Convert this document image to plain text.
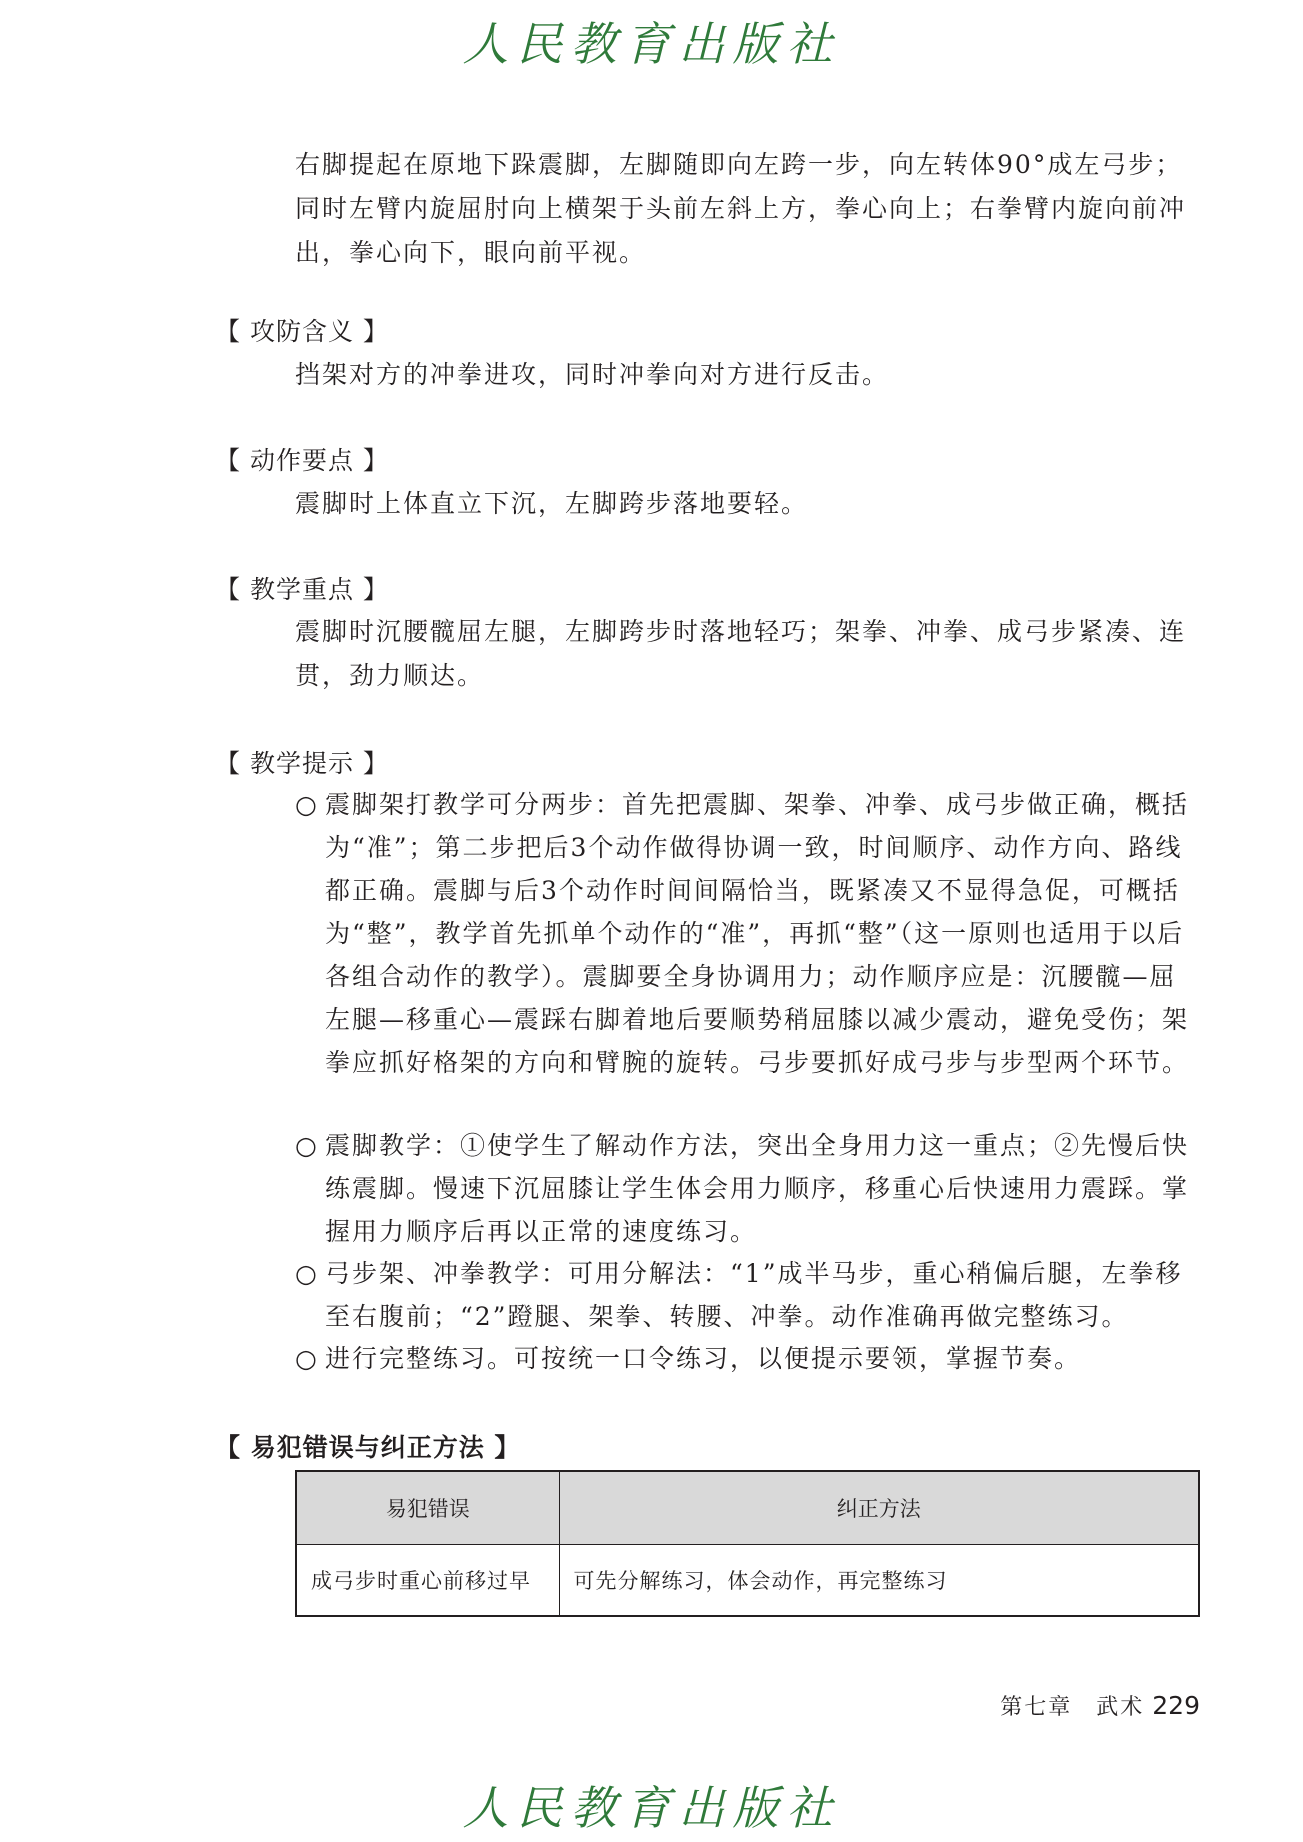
人民教育出版社
右脚提起在原地下跺震脚，左脚随即向左跨一步，向左转体90°成左弓步；同时左臂内旋屈肘向上横架于头前左斜上方，拳心向上；右拳臂内旋向前冲出，拳心向下，眼向前平视。
【 攻防含义 】
挡架对方的冲拳进攻，同时冲拳向对方进行反击。
【 动作要点 】
震脚时上体直立下沉，左脚跨步落地要轻。
【 教学重点 】
震脚时沉腰髋屈左腿，左脚跨步时落地轻巧；架拳、冲拳、成弓步紧凑、连贯，劲力顺达。
【 教学提示 】
○ 震脚架打教学可分两步：首先把震脚、架拳、冲拳、成弓步做正确，概括为“准”；第二步把后3个动作做得协调一致，时间顺序、动作方向、路线都正确。震脚与后3个动作时间间隔恰当，既紧凑又不显得急促，可概括为“整”，教学首先抓单个动作的“准”，再抓“整”（这一原则也适用于以后各组合动作的教学）。震脚要全身协调用力；动作顺序应是：沉腰髋—屈左腿—移重心—震踩右脚着地后要顺势稍屈膝以减少震动，避免受伤；架拳应抓好格架的方向和臂腕的旋转。弓步要抓好成弓步与步型两个环节。
○ 震脚教学：①使学生了解动作方法，突出全身用力这一重点；②先慢后快练震脚。慢速下沉屈膝让学生体会用力顺序，移重心后快速用力震踩。掌握用力顺序后再以正常的速度练习。
○ 弓步架、冲拳教学：可用分解法：“1”成半马步，重心稍偏后腿，左拳移至右腹前；“2”蹬腿、架拳、转腰、冲拳。动作准确再做完整练习。
○ 进行完整练习。可按统一口令练习，以便提示要领，掌握节奏。
【 易犯错误与纠正方法 】
易犯错误	纠正方法
成弓步时重心前移过早	可先分解练习，体会动作，再完整练习
第七章　武术 229
人民教育出版社
